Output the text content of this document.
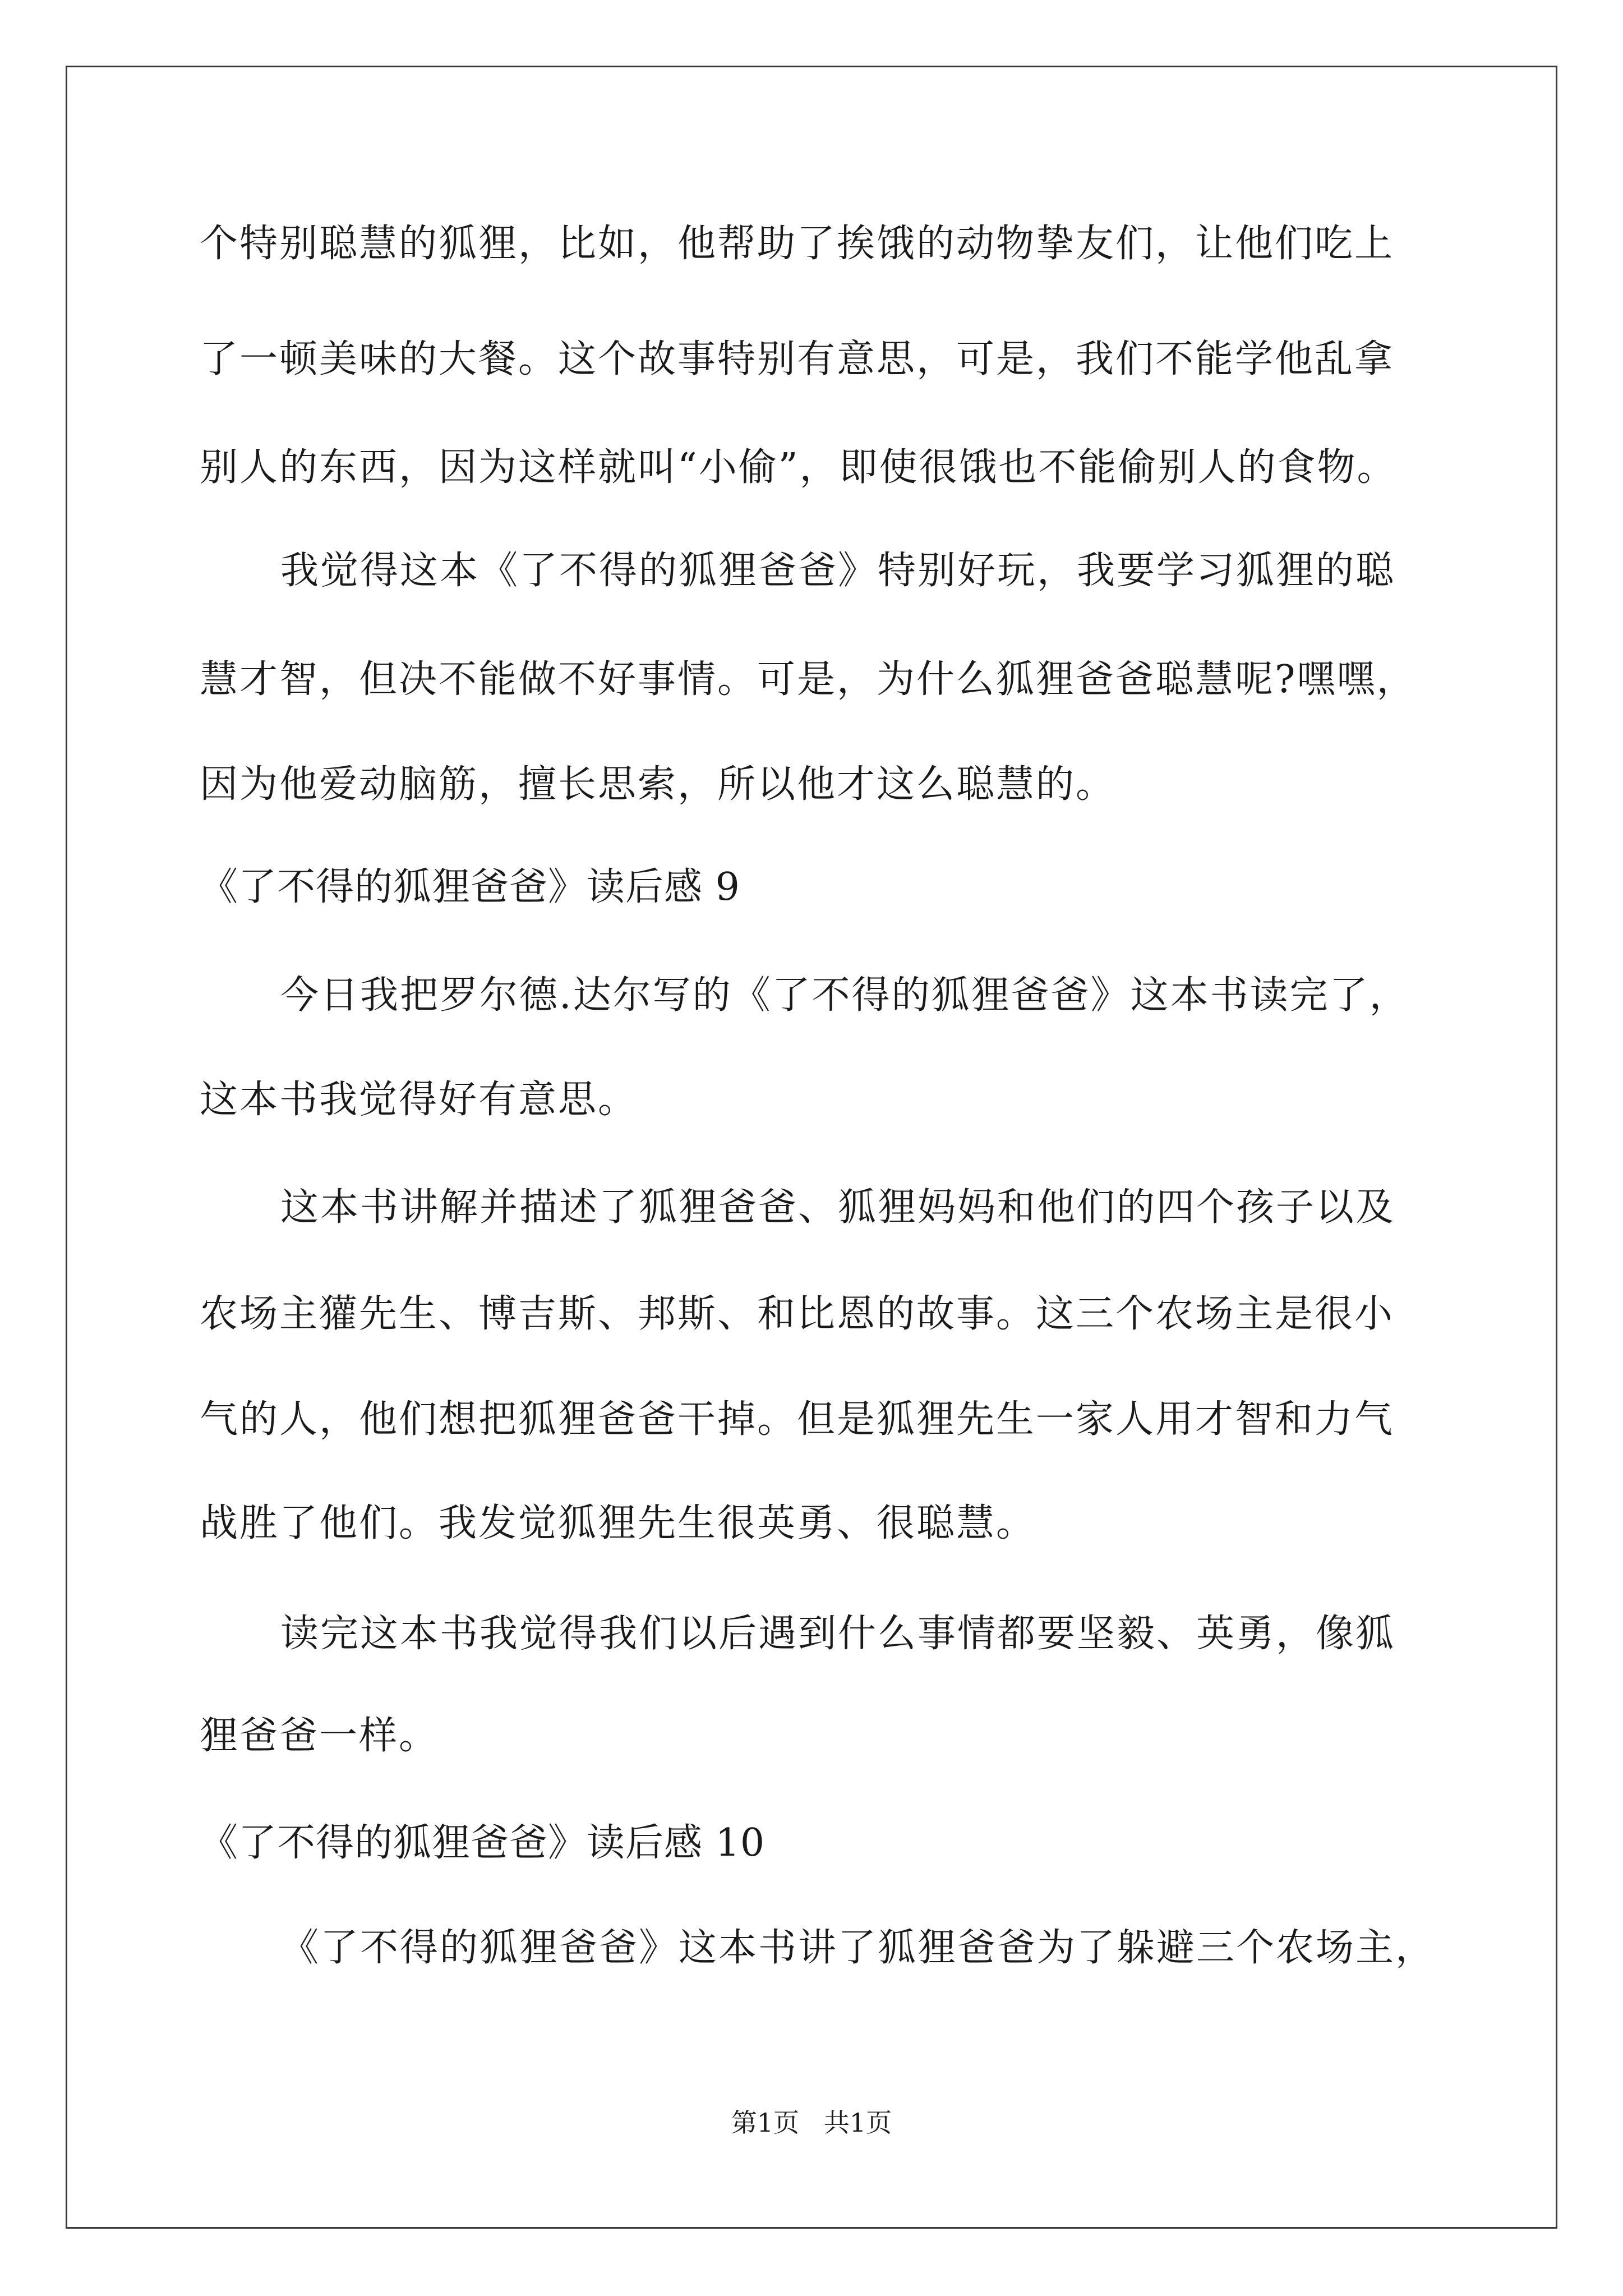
个特别聪慧的狐狸，比如，他帮助了挨饿的动物挚友们，让他们吃上
了一顿美味的大餐。这个故事特别有意思，可是，我们不能学他乱拿
别人的东西，因为这样就叫“小偷”，即使很饿也不能偷别人的食物。
我觉得这本《了不得的狐狸爸爸》特别好玩，我要学习狐狸的聪
慧才智，但决不能做不好事情。可是，为什么狐狸爸爸聪慧呢?嘿嘿，
因为他爱动脑筋，擅长思索，所以他才这么聪慧的。
《了不得的狐狸爸爸》读后感 9
今日我把罗尔德.达尔写的《了不得的狐狸爸爸》这本书读完了，
这本书我觉得好有意思。
这本书讲解并描述了狐狸爸爸、狐狸妈妈和他们的四个孩子以及
农场主獾先生、博吉斯、邦斯、和比恩的故事。这三个农场主是很小
气的人，他们想把狐狸爸爸干掉。但是狐狸先生一家人用才智和力气
战胜了他们。我发觉狐狸先生很英勇、很聪慧。
读完这本书我觉得我们以后遇到什么事情都要坚毅、英勇，像狐
狸爸爸一样。
《了不得的狐狸爸爸》读后感 10
《了不得的狐狸爸爸》这本书讲了狐狸爸爸为了躲避三个农场主，
第1页   共1页
